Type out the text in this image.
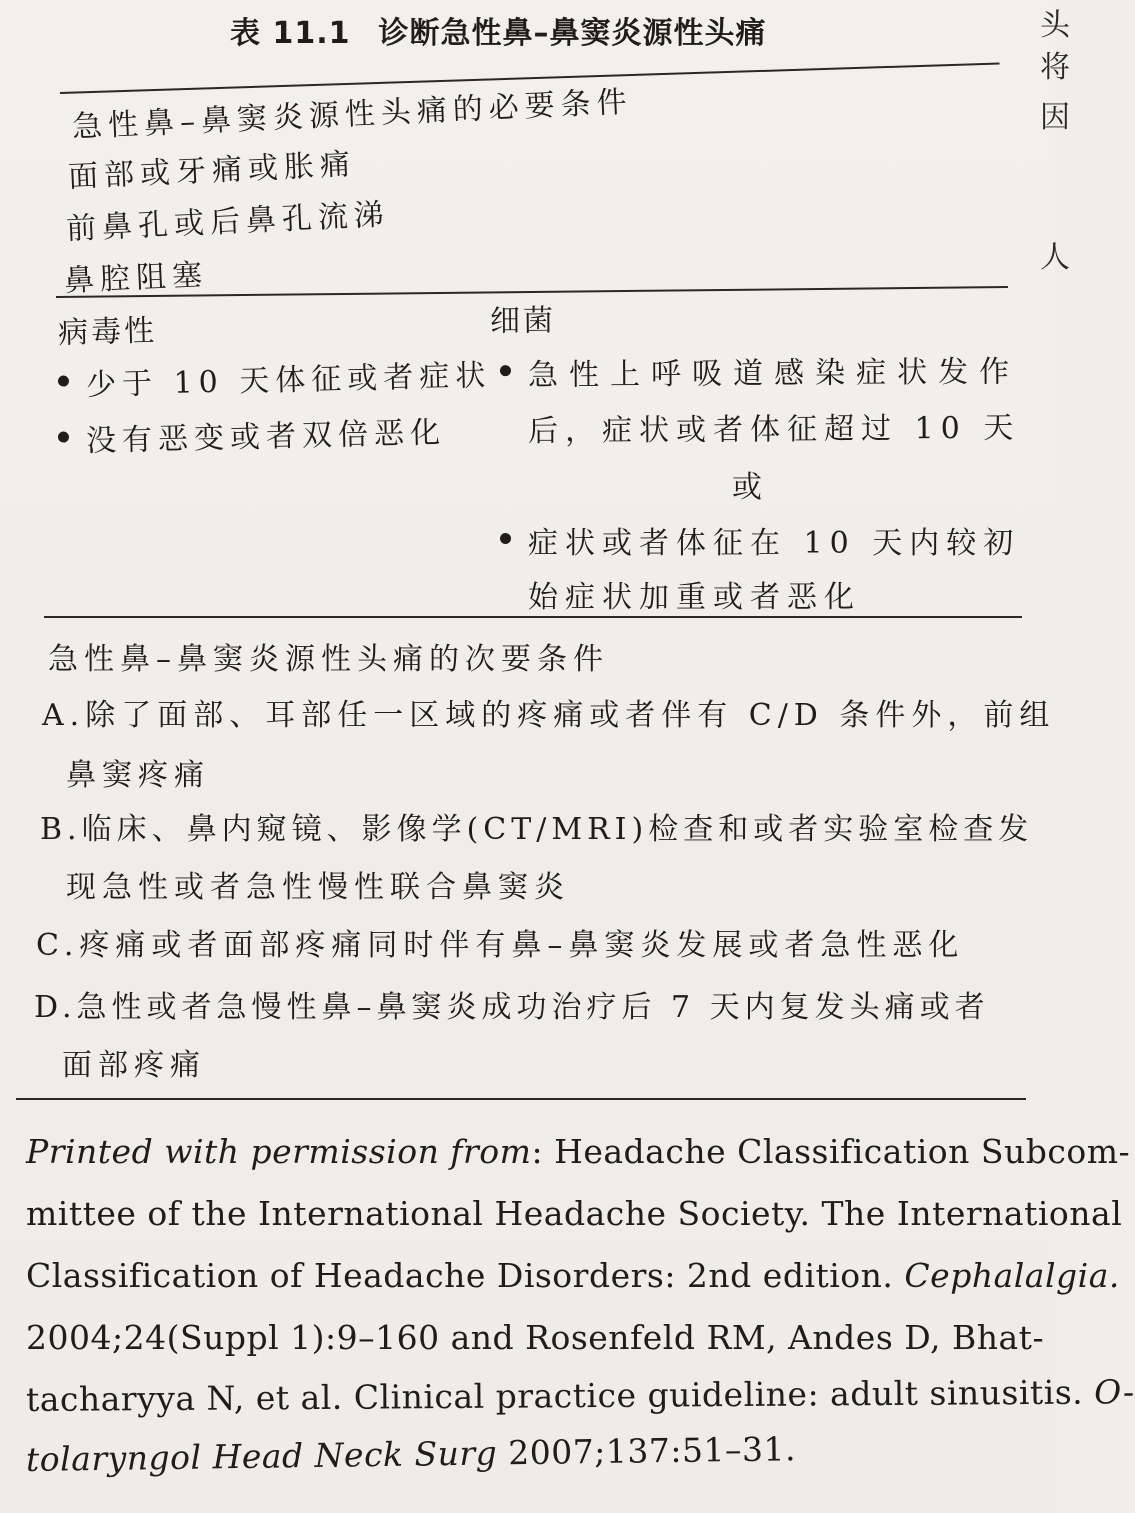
表 11.1 诊断急性鼻–鼻窦炎源性头痛	头
将
因
人
急性鼻–鼻窦炎源性头痛的必要条件
面部或牙痛或胀痛
前鼻孔或后鼻孔流涕
鼻腔阻塞
病毒性
少于 10 天体征或者症状
没有恶变或者双倍恶化
细菌
急性上呼吸道感染症状发作
后，症状或者体征超过 10 天
或
症状或者体征在 10 天内较初
始症状加重或者恶化
急性鼻–鼻窦炎源性头痛的次要条件
A.除了面部、耳部任一区域的疼痛或者伴有 C/D 条件外，前组
鼻窦疼痛
B.临床、鼻内窥镜、影像学(CT/MRI)检查和或者实验室检查发
现急性或者急性慢性联合鼻窦炎
C.疼痛或者面部疼痛同时伴有鼻–鼻窦炎发展或者急性恶化
D.急性或者急慢性鼻–鼻窦炎成功治疗后 7 天内复发头痛或者
面部疼痛
Printed with permission from: Headache Classification Subcom-
mittee of the International Headache Society. The International
Classification of Headache Disorders: 2nd edition. Cephalalgia.
2004;24(Suppl 1):9–160 and Rosenfeld RM, Andes D, Bhat-
tacharyya N, et al. Clinical practice guideline: adult sinusitis. O-
tolaryngol Head Neck Surg 2007;137:51–31.
